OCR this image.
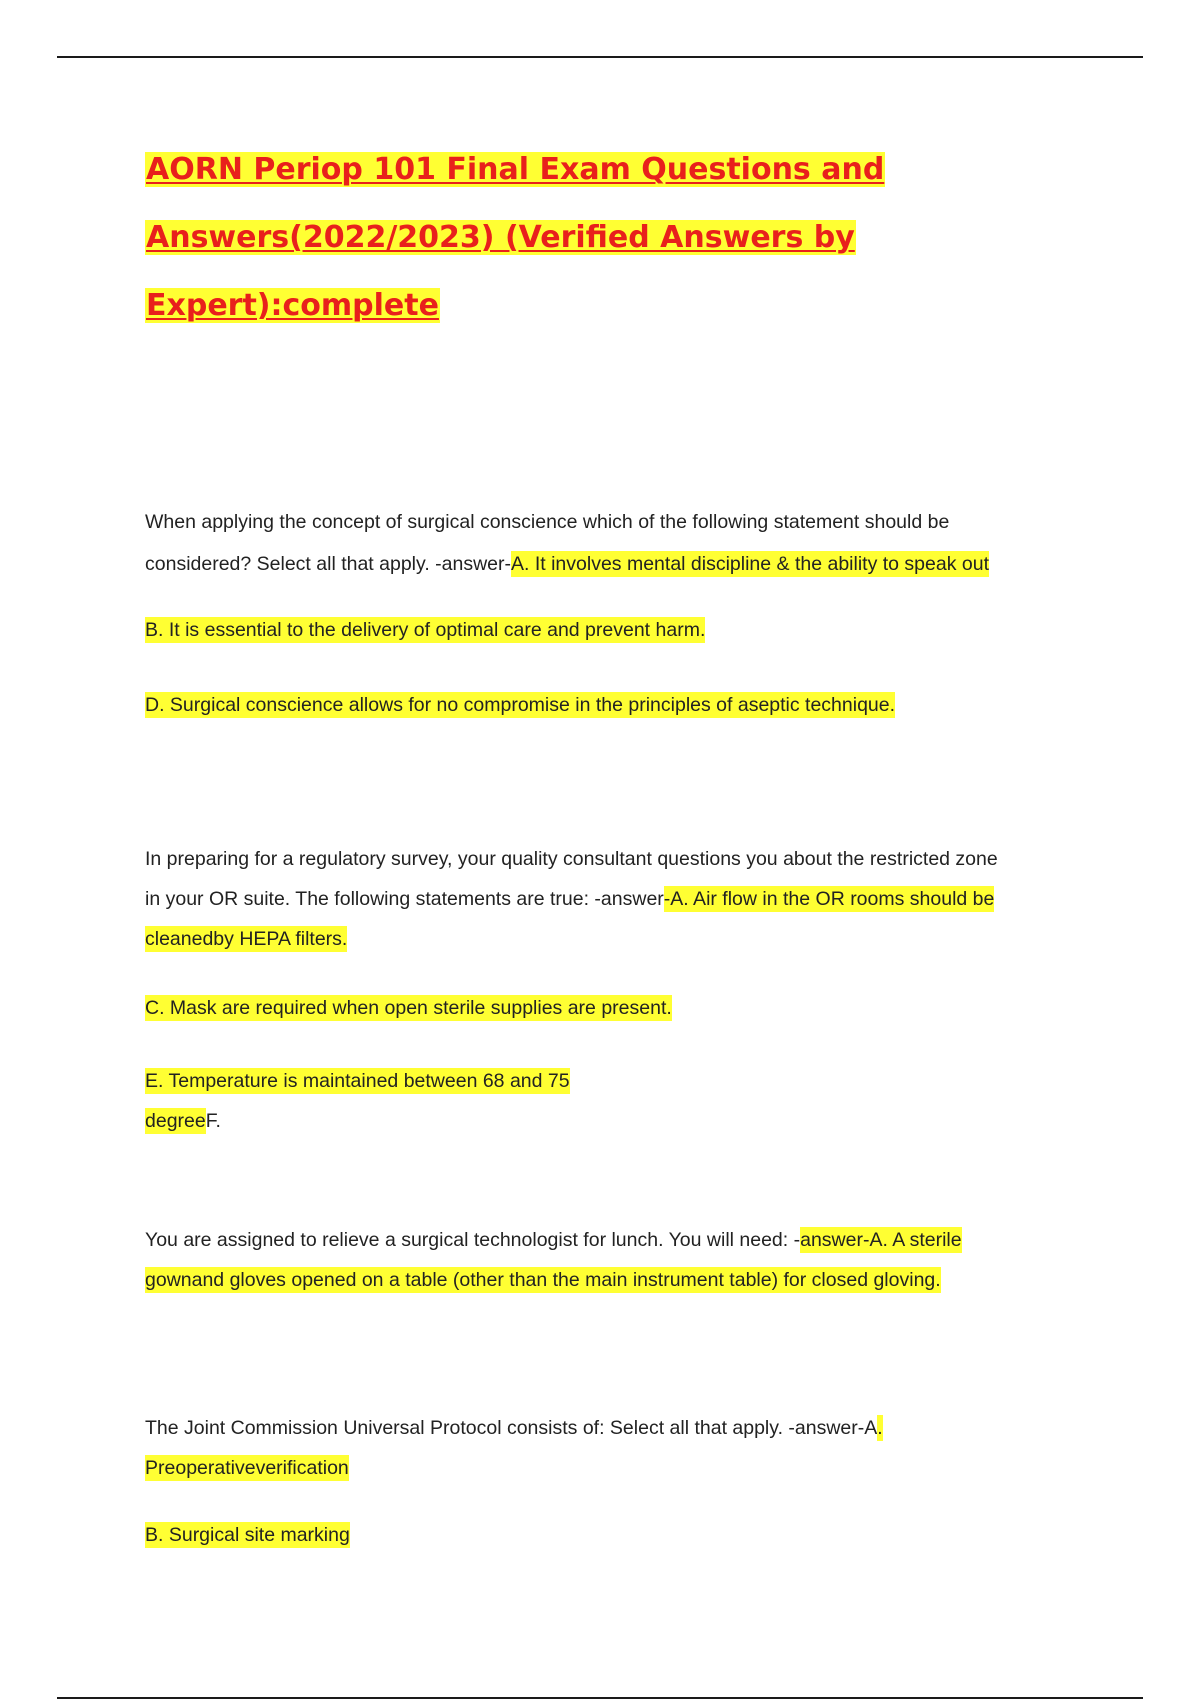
AORN Periop 101 Final Exam Questions and
Answers(2022/2023) (Verified Answers by
Expert):complete

When applying the concept of surgical conscience which of the following statement should be

considered? Select all that apply. -answer-A. It involves mental discipline & the ability to speak out

B. It is essential to the delivery of optimal care and prevent harm.

D. Surgical conscience allows for no compromise in the principles of aseptic technique.

In preparing for a regulatory survey, your quality consultant questions you about the restricted zone

in your OR suite. The following statements are true: -answer-A. Air flow in the OR rooms should be

cleanedby HEPA filters.

C. Mask are required when open sterile supplies are present.

E. Temperature is maintained between 68 and 75

degreeF.

You are assigned to relieve a surgical technologist for lunch. You will need: -answer-A. A sterile

gownand gloves opened on a table (other than the main instrument table) for closed gloving.

The Joint Commission Universal Protocol consists of: Select all that apply. -answer-A.

Preoperativeverification

B. Surgical site marking
